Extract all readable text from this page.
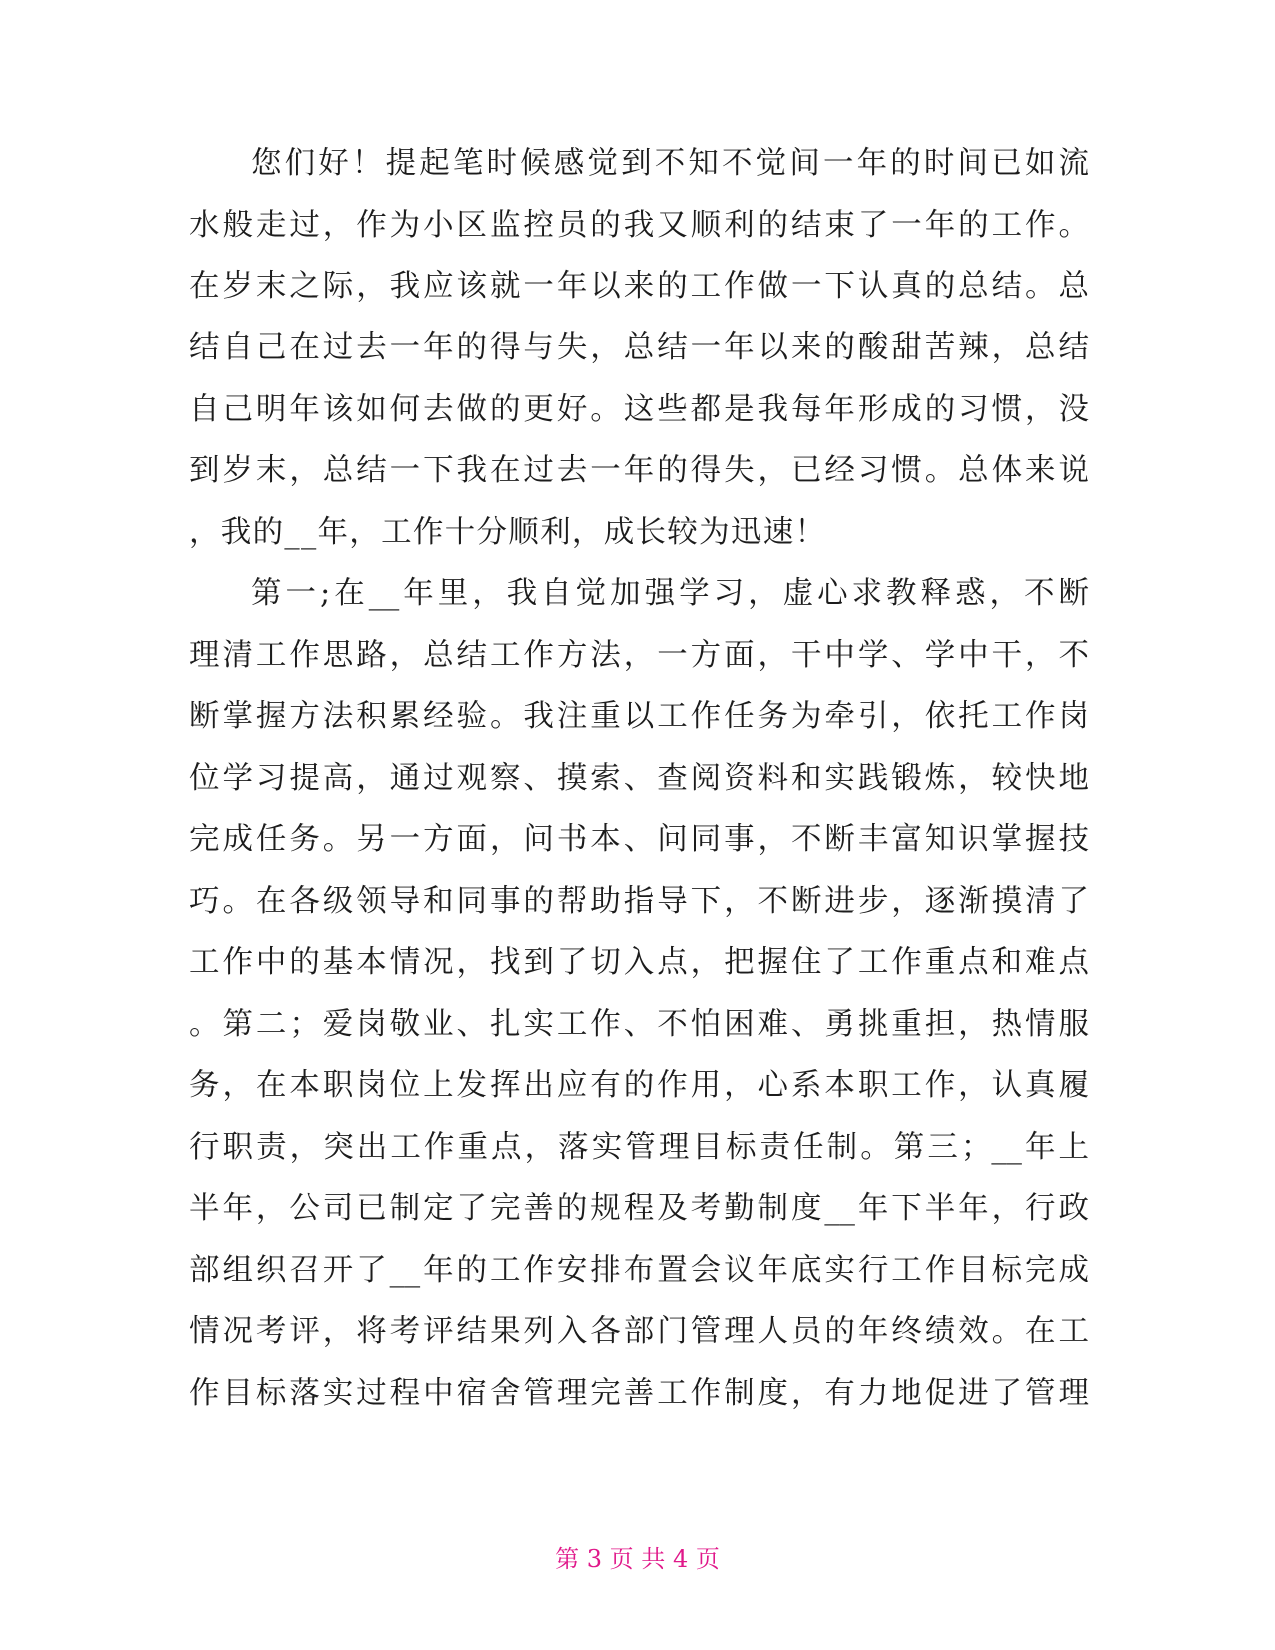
您们好！提起笔时候感觉到不知不觉间一年的时间已如流
水般走过，作为小区监控员的我又顺利的结束了一年的工作。
在岁末之际，我应该就一年以来的工作做一下认真的总结。总
结自己在过去一年的得与失，总结一年以来的酸甜苦辣，总结
自己明年该如何去做的更好。这些都是我每年形成的习惯，没
到岁末，总结一下我在过去一年的得失，已经习惯。总体来说
，我的__年，工作十分顺利，成长较为迅速！
第一;在__年里，我自觉加强学习，虚心求教释惑，不断
理清工作思路，总结工作方法，一方面，干中学、学中干，不
断掌握方法积累经验。我注重以工作任务为牵引，依托工作岗
位学习提高，通过观察、摸索、查阅资料和实践锻炼，较快地
完成任务。另一方面，问书本、问同事，不断丰富知识掌握技
巧。在各级领导和同事的帮助指导下，不断进步，逐渐摸清了
工作中的基本情况，找到了切入点，把握住了工作重点和难点
。第二；爱岗敬业、扎实工作、不怕困难、勇挑重担，热情服
务，在本职岗位上发挥出应有的作用，心系本职工作，认真履
行职责，突出工作重点，落实管理目标责任制。第三；__年上
半年，公司已制定了完善的规程及考勤制度__年下半年，行政
部组织召开了__年的工作安排布置会议年底实行工作目标完成
情况考评，将考评结果列入各部门管理人员的年终绩效。在工
作目标落实过程中宿舍管理完善工作制度，有力地促进了管理
第 3 页 共 4 页
